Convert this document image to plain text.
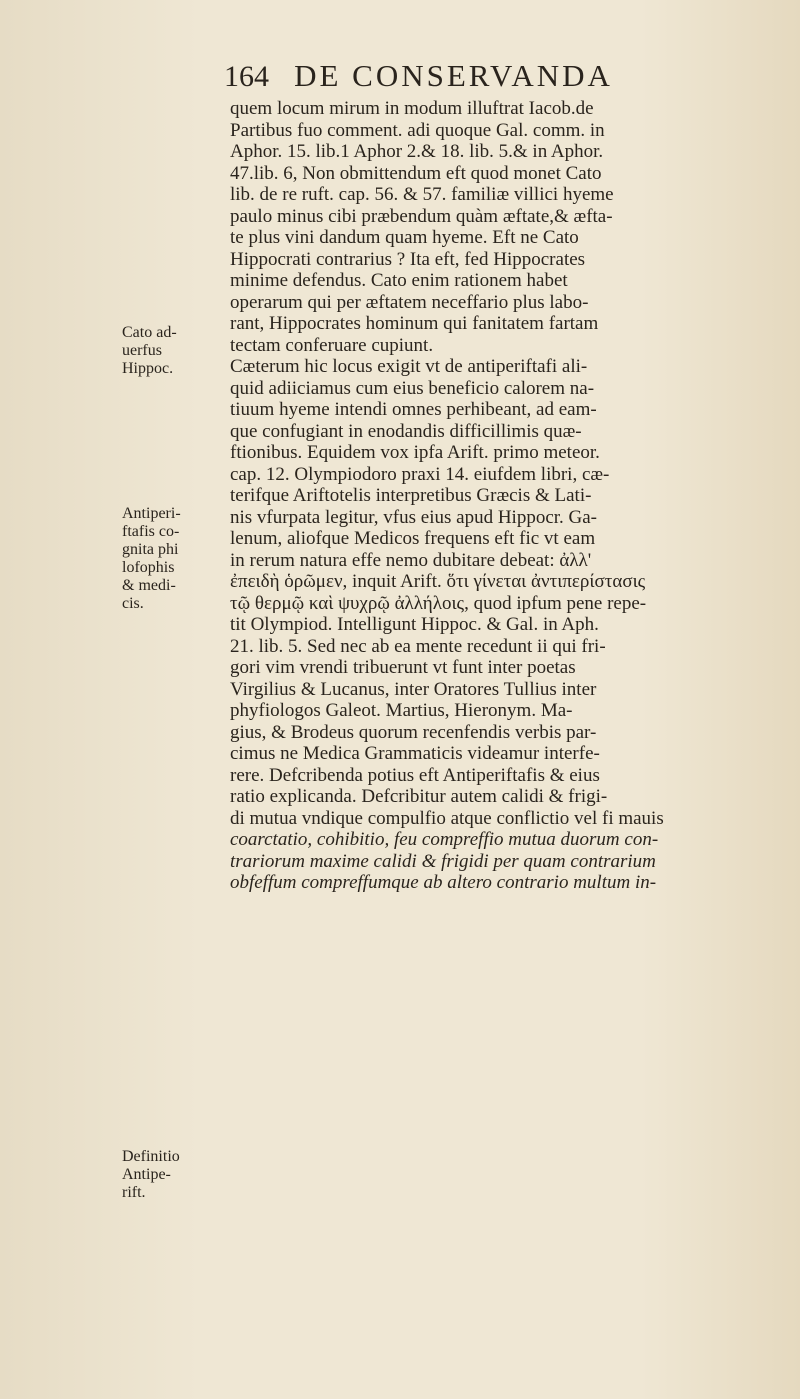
164 DE CONSERVANDA
quem locum mirum in modum illuftrat Iacob.de
Partibus fuo comment. adi quoque Gal. comm. in
Aphor. 15. lib.1 Aphor 2.& 18. lib. 5.& in Aphor.
47.lib. 6, Non obmittendum eft quod monet Cato
lib. de re ruft. cap. 56. & 57. familiæ villici hyeme
paulo minus cibi præbendum quàm æftate,& æfta-
te plus vini dandum quam hyeme. Eft ne Cato
Hippocrati contrarius ? Ita eft, fed Hippocrates
minime defendus. Cato enim rationem habet
operarum qui per æftatem neceffario plus labo-
rant, Hippocrates hominum qui fanitatem fartam
tectam conferuare cupiunt.
Cæterum hic locus exigit vt de antiperiftafi ali-
quid adiiciamus cum eius beneficio calorem na-
tiuum hyeme intendi omnes perhibeant, ad eam-
que confugiant in enodandis difficillimis quæ-
ftionibus. Equidem vox ipfa Arift. primo meteor.
cap. 12. Olympiodoro praxi 14. eiufdem libri, cæ-
terifque Ariftotelis interpretibus Græcis & Lati-
nis vfurpata legitur, vfus eius apud Hippocr. Ga-
lenum, aliofque Medicos frequens eft fic vt eam
in rerum natura effe nemo dubitare debeat: ἀλλ'
ἐπειδὴ ὁρῶμεν, inquit Arift. ὅτι γίνεται ἀντιπερίστασις
τῷ θερμῷ καὶ ψυχρῷ ἀλλήλοις, quod ipfum pene repe-
tit Olympiod. Intelligunt Hippoc. & Gal. in Aph.
21. lib. 5. Sed nec ab ea mente recedunt ii qui fri-
gori vim vrendi tribuerunt vt funt inter poetas
Virgilius & Lucanus, inter Oratores Tullius inter
phyfiologos Galeot. Martius, Hieronym. Ma-
gius, & Brodeus quorum recenfendis verbis par-
cimus ne Medica Grammaticis videamur interfe-
rere. Defcribenda potius eft Antiperiftafis & eius
ratio explicanda. Defcribitur autem calidi & frigi-
di mutua vndique compulfio atque conflictio vel fi mauis
coarctatio, cohibitio, feu compreffio mutua duorum con-
trariorum maxime calidi & frigidi per quam contrarium
obfeffum compreffumque ab altero contrario multum in-
Cato ad-
uerfus
Hippoc.
Antiperi-
ftafis co-
gnita phi
lofophis
& medi-
cis.
Definitio
Antipe-
rift.
